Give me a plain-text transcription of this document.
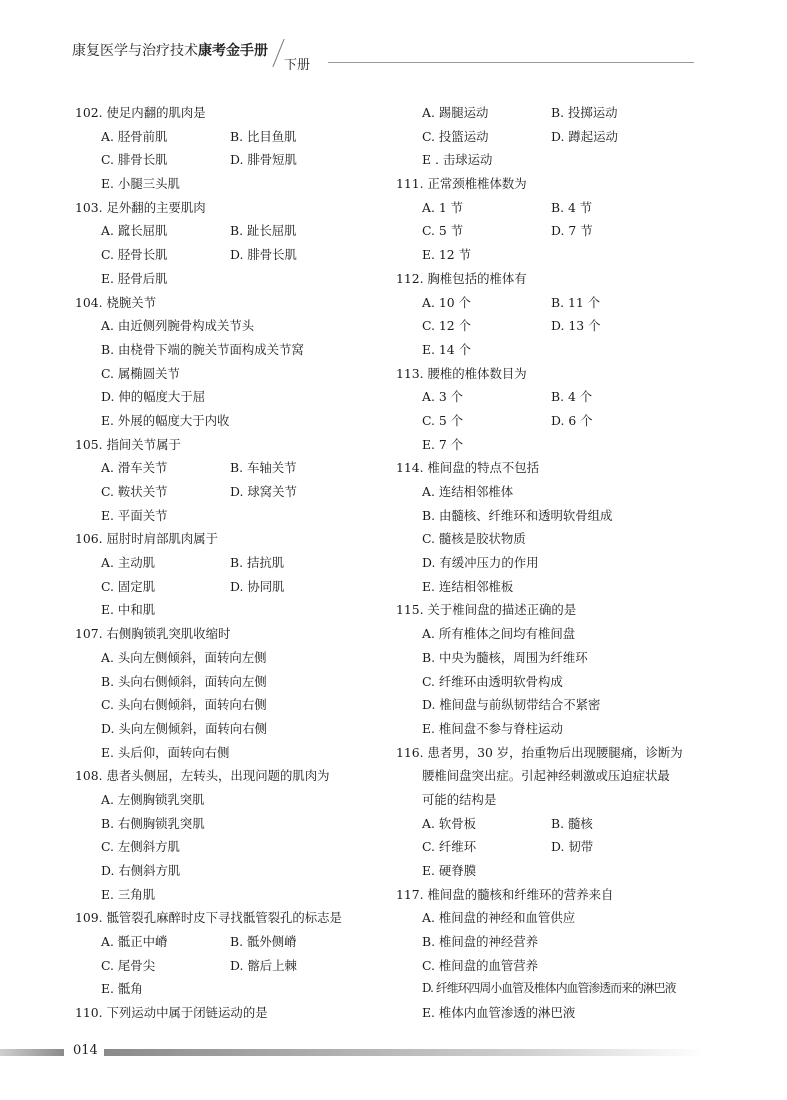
康复医学与治疗技术康考金手册
下册
102. 使足内翻的肌肉是
A. 胫骨前肌	B. 比目鱼肌
C. 腓骨长肌	D. 腓骨短肌
E. 小腿三头肌
103. 足外翻的主要肌肉
A. 䠚长屈肌	B. 趾长屈肌
C. 胫骨长肌	D. 腓骨长肌
E. 胫骨后肌
104. 桡腕关节
A. 由近侧列腕骨构成关节头
B. 由桡骨下端的腕关节面构成关节窝
C. 属椭圆关节
D. 伸的幅度大于屈
E. 外展的幅度大于内收
105. 指间关节属于
A. 滑车关节	B. 车轴关节
C. 鞍状关节	D. 球窝关节
E. 平面关节
106. 屈肘时肩部肌肉属于
A. 主动肌	B. 拮抗肌
C. 固定肌	D. 协同肌
E. 中和肌
107. 右侧胸锁乳突肌收缩时
A. 头向左侧倾斜，面转向左侧
B. 头向右侧倾斜，面转向左侧
C. 头向右侧倾斜，面转向右侧
D. 头向左侧倾斜，面转向右侧
E. 头后仰，面转向右侧
108. 患者头侧屈，左转头，出现问题的肌肉为
A. 左侧胸锁乳突肌
B. 右侧胸锁乳突肌
C. 左侧斜方肌
D. 右侧斜方肌
E. 三角肌
109. 骶管裂孔麻醉时皮下寻找骶管裂孔的标志是
A. 骶正中嵴	B. 骶外侧嵴
C. 尾骨尖	D. 髂后上棘
E. 骶角
110. 下列运动中属于闭链运动的是
A. 踢腿运动	B. 投掷运动
C. 投篮运动	D. 蹲起运动
E . 击球运动
111. 正常颈椎椎体数为
A. 1 节	B. 4 节
C. 5 节	D. 7 节
E. 12 节
112. 胸椎包括的椎体有
A. 10 个	B. 11 个
C. 12 个	D. 13 个
E. 14 个
113. 腰椎的椎体数目为
A. 3 个	B. 4 个
C. 5 个	D. 6 个
E. 7 个
114. 椎间盘的特点不包括
A. 连结相邻椎体
B. 由髓核、纤维环和透明软骨组成
C. 髓核是胶状物质
D. 有缓冲压力的作用
E. 连结相邻椎板
115. 关于椎间盘的描述正确的是
A. 所有椎体之间均有椎间盘
B. 中央为髓核，周围为纤维环
C. 纤维环由透明软骨构成
D. 椎间盘与前纵韧带结合不紧密
E. 椎间盘不参与脊柱运动
116. 患者男，30 岁，抬重物后出现腰腿痛，诊断为
腰椎间盘突出症。引起神经刺激或压迫症状最
可能的结构是
A. 软骨板	B. 髓核
C. 纤维环	D. 韧带
E. 硬脊膜
117. 椎间盘的髓核和纤维环的营养来自
A. 椎间盘的神经和血管供应
B. 椎间盘的神经营养
C. 椎间盘的血管营养
D. 纤维环四周小血管及椎体内血管渗透而来的淋巴液
E. 椎体内血管渗透的淋巴液
014
